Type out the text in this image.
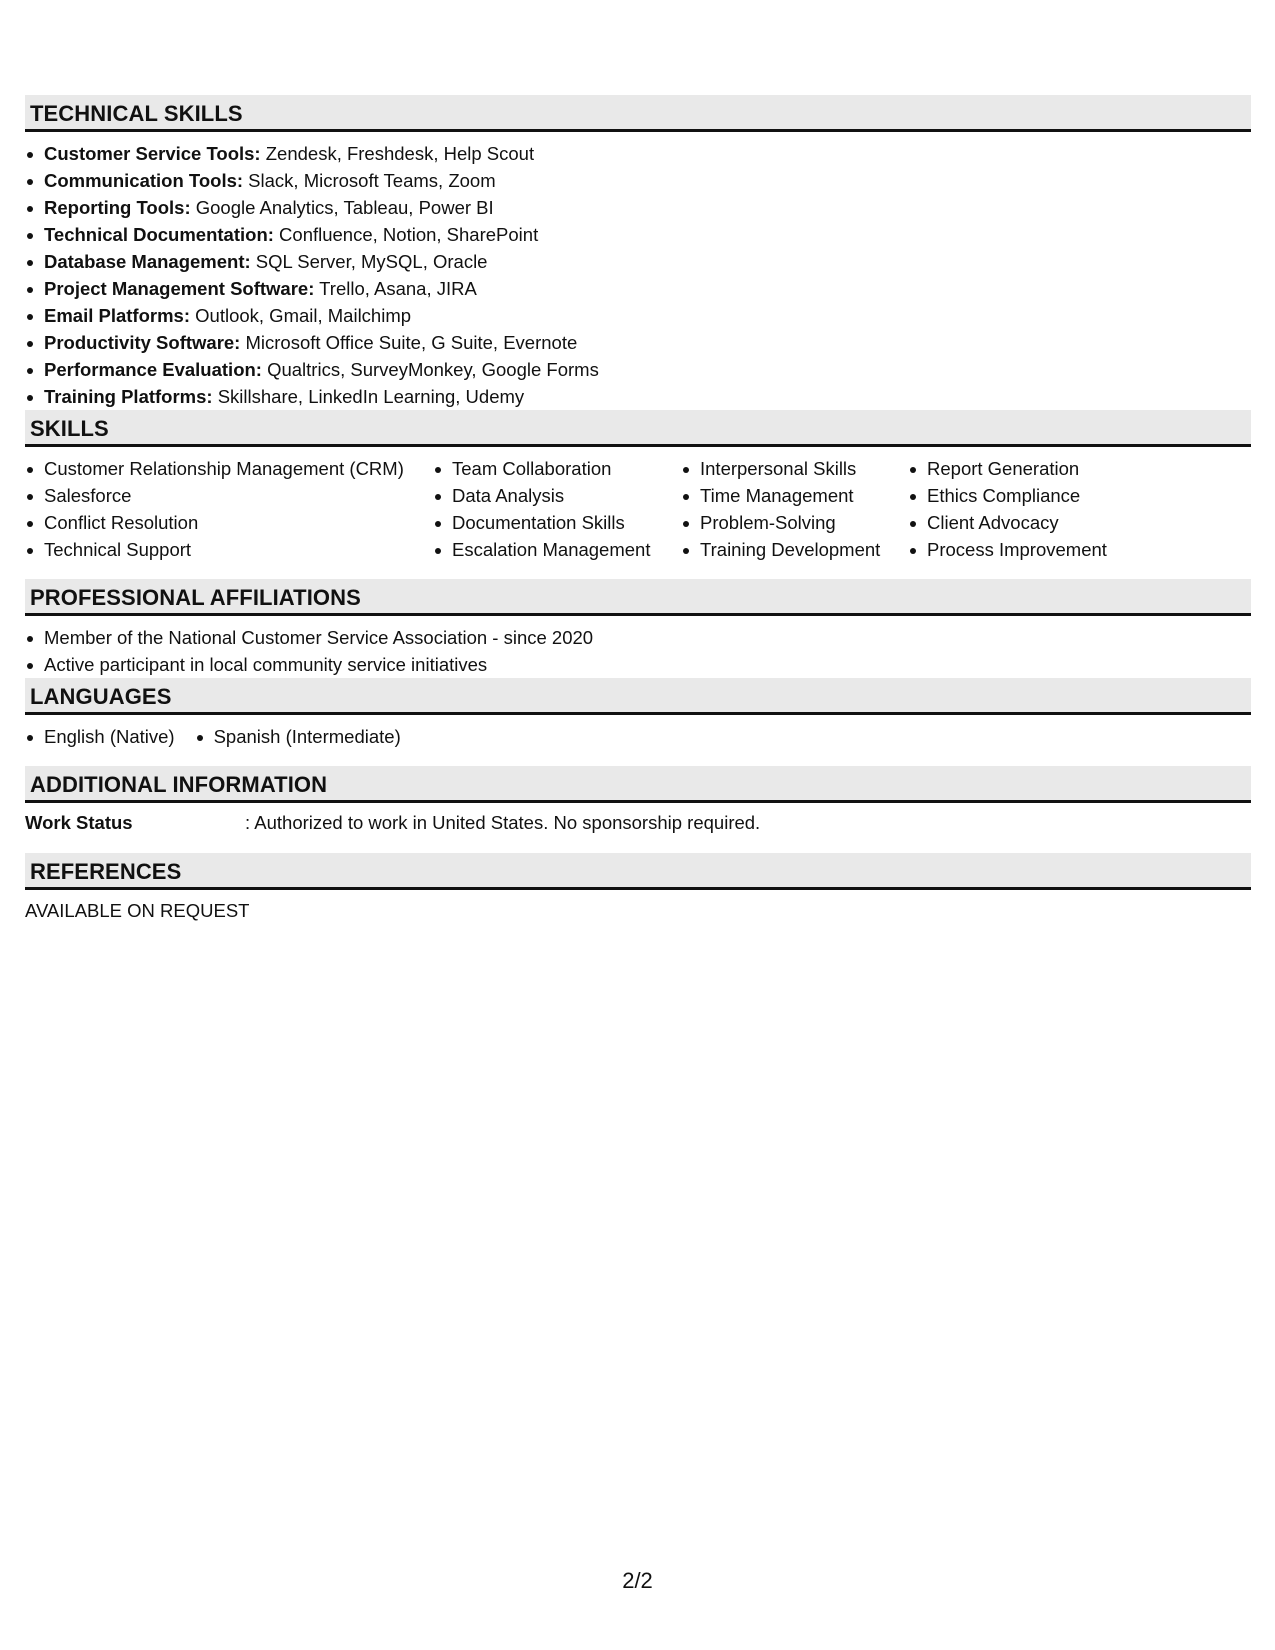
TECHNICAL SKILLS
Customer Service Tools: Zendesk, Freshdesk, Help Scout
Communication Tools: Slack, Microsoft Teams, Zoom
Reporting Tools: Google Analytics, Tableau, Power BI
Technical Documentation: Confluence, Notion, SharePoint
Database Management: SQL Server, MySQL, Oracle
Project Management Software: Trello, Asana, JIRA
Email Platforms: Outlook, Gmail, Mailchimp
Productivity Software: Microsoft Office Suite, G Suite, Evernote
Performance Evaluation: Qualtrics, SurveyMonkey, Google Forms
Training Platforms: Skillshare, LinkedIn Learning, Udemy
SKILLS
Customer Relationship Management (CRM)
Salesforce
Conflict Resolution
Technical Support
Team Collaboration
Data Analysis
Documentation Skills
Escalation Management
Interpersonal Skills
Time Management
Problem-Solving
Training Development
Report Generation
Ethics Compliance
Client Advocacy
Process Improvement
PROFESSIONAL AFFILIATIONS
Member of the National Customer Service Association - since 2020
Active participant in local community service initiatives
LANGUAGES
English (Native)	Spanish (Intermediate)
ADDITIONAL INFORMATION
Work Status	: Authorized to work in United States. No sponsorship required.
REFERENCES
AVAILABLE ON REQUEST
2/2
